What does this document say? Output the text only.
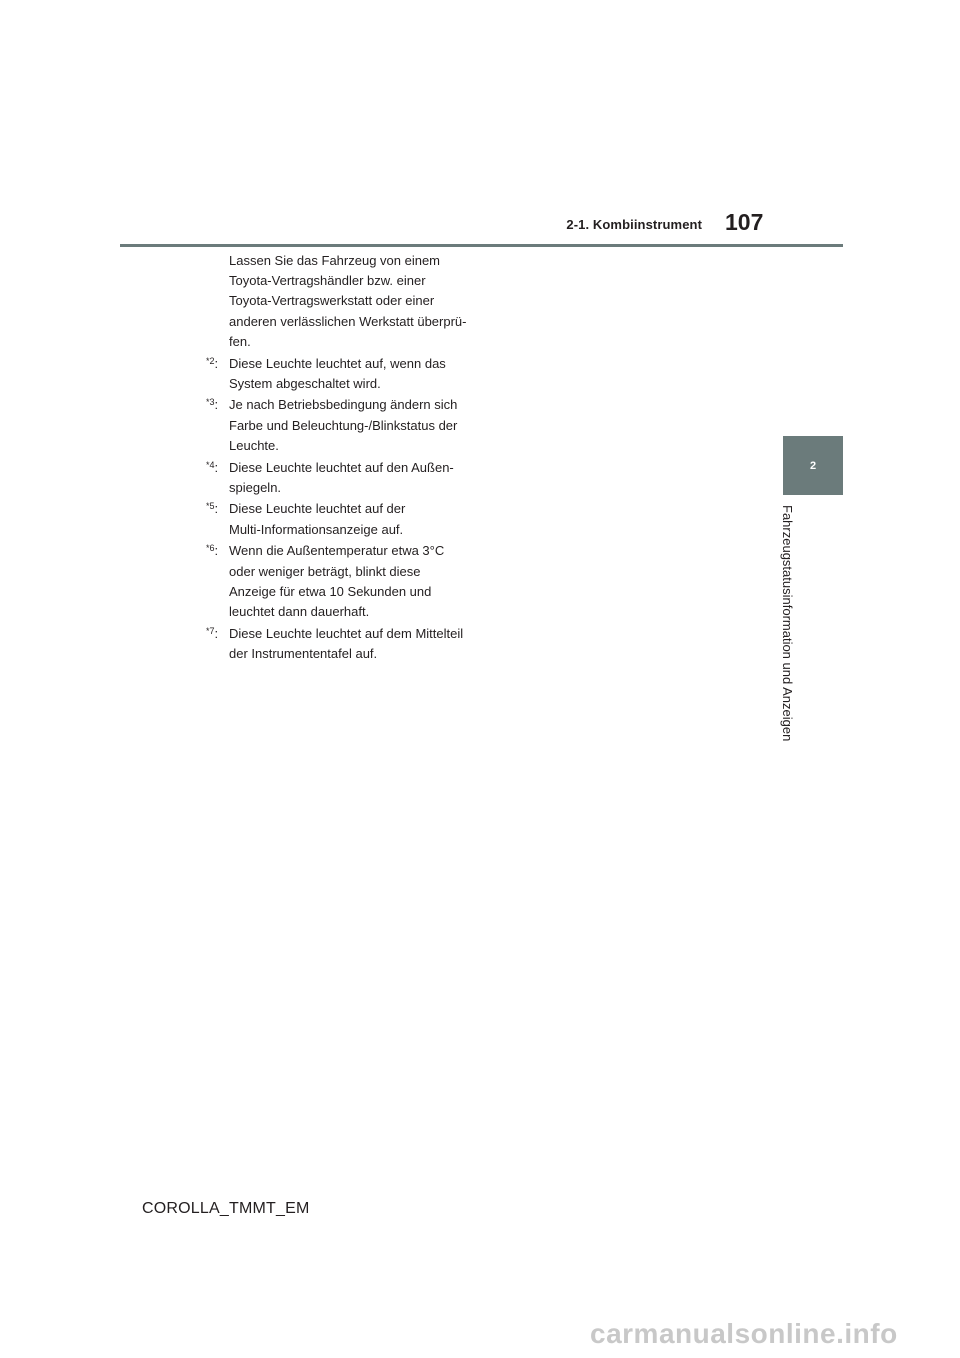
2-1. Kombiinstrument 107
2
Fahrzeugstatusinformation und Anzeigen
Lassen Sie das Fahrzeug von einem
Toyota-Vertragshändler bzw. einer
Toyota-Vertragswerkstatt oder einer
anderen verlässlichen Werkstatt überprü-
fen.
$^{*2}$: Diese Leuchte leuchtet auf, wenn das
System abgeschaltet wird.
$^{*3}$: Je nach Betriebsbedingung ändern sich
Farbe und Beleuchtung-/Blinkstatus der
Leuchte.
$^{*4}$: Diese Leuchte leuchtet auf den Außen-
spiegeln.
$^{*5}$: Diese Leuchte leuchtet auf der
Multi-Informationsanzeige auf.
$^{*6}$: Wenn die Außentemperatur etwa 3°C
oder weniger beträgt, blinkt diese
Anzeige für etwa 10 Sekunden und
leuchtet dann dauerhaft.
$^{*7}$: Diese Leuchte leuchtet auf dem Mittelteil
der Instrumententafel auf.
COROLLA_TMMT_EM
carmanualsonline.info
